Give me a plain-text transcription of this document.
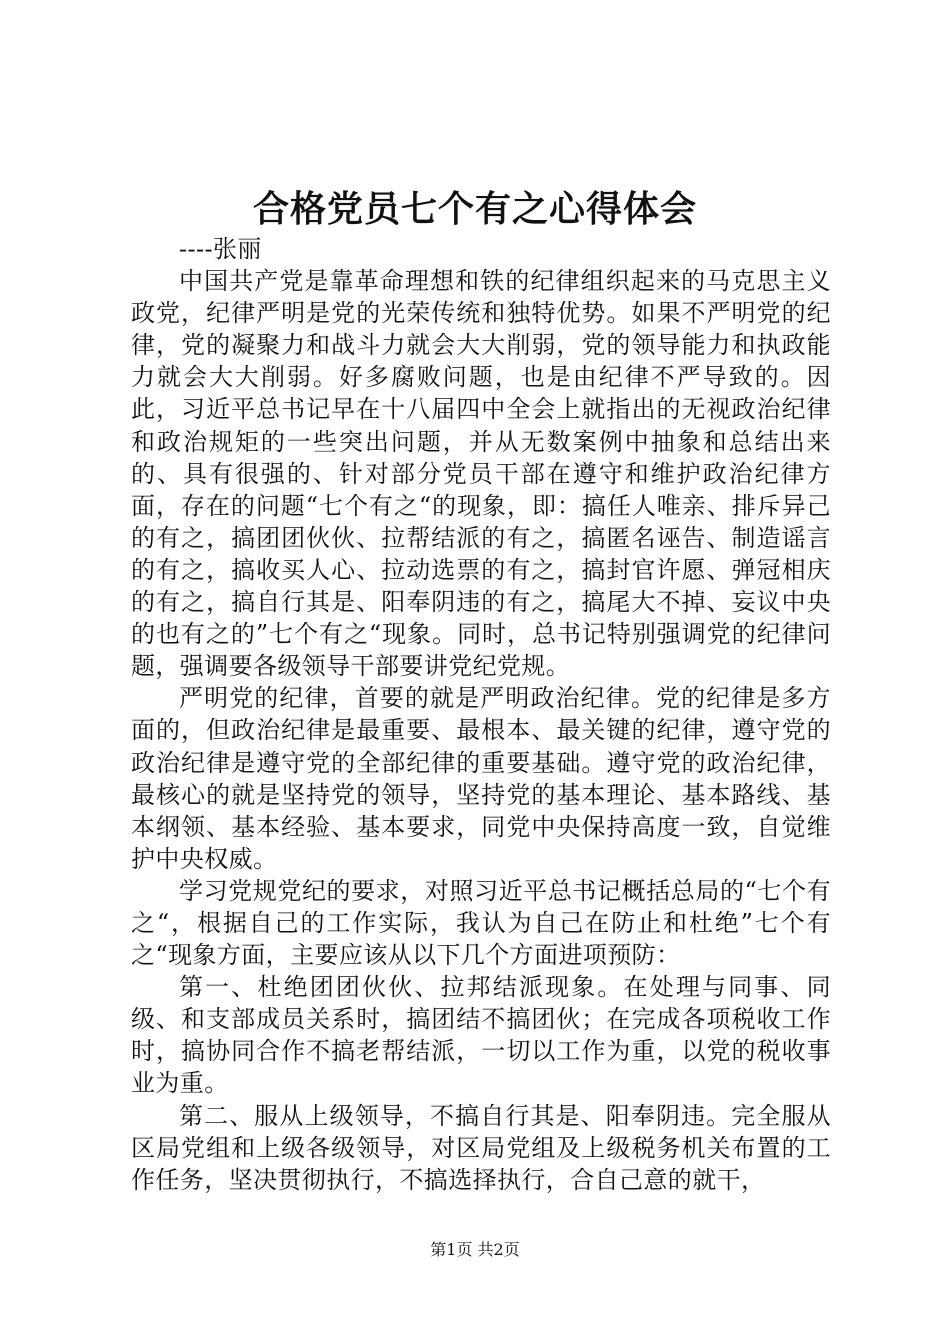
合格党员七个有之心得体会

----张丽

中国共产党是靠革命理想和铁的纪律组织起来的马克思主义政党，纪律严明是党的光荣传统和独特优势。如果不严明党的纪律，党的凝聚力和战斗力就会大大削弱，党的领导能力和执政能力就会大大削弱。好多腐败问题，也是由纪律不严导致的。因此，习近平总书记早在十八届四中全会上就指出的无视政治纪律和政治规矩的一些突出问题，并从无数案例中抽象和总结出来的、具有很强的、针对部分党员干部在遵守和维护政治纪律方面，存在的问题“七个有之“的现象，即：搞任人唯亲、排斥异己的有之，搞团团伙伙、拉帮结派的有之，搞匿名诬告、制造谣言的有之，搞收买人心、拉动选票的有之，搞封官许愿、弹冠相庆的有之，搞自行其是、阳奉阴违的有之，搞尾大不掉、妄议中央的也有之的”七个有之“现象。同时，总书记特别强调党的纪律问题，强调要各级领导干部要讲党纪党规。

严明党的纪律，首要的就是严明政治纪律。党的纪律是多方面的，但政治纪律是最重要、最根本、最关键的纪律，遵守党的政治纪律是遵守党的全部纪律的重要基础。遵守党的政治纪律，最核心的就是坚持党的领导，坚持党的基本理论、基本路线、基本纲领、基本经验、基本要求，同党中央保持高度一致，自觉维护中央权威。

学习党规党纪的要求，对照习近平总书记概括总局的“七个有之“，根据自己的工作实际，我认为自己在防止和杜绝”七个有之“现象方面，主要应该从以下几个方面进项预防：

第一、杜绝团团伙伙、拉邦结派现象。在处理与同事、同级、和支部成员关系时，搞团结不搞团伙；在完成各项税收工作时，搞协同合作不搞老帮结派，一切以工作为重，以党的税收事业为重。

第二、服从上级领导，不搞自行其是、阳奉阴违。完全服从区局党组和上级各级领导，对区局党组及上级税务机关布置的工作任务，坚决贯彻执行，不搞选择执行，合自己意的就干，

第1页 共2页
